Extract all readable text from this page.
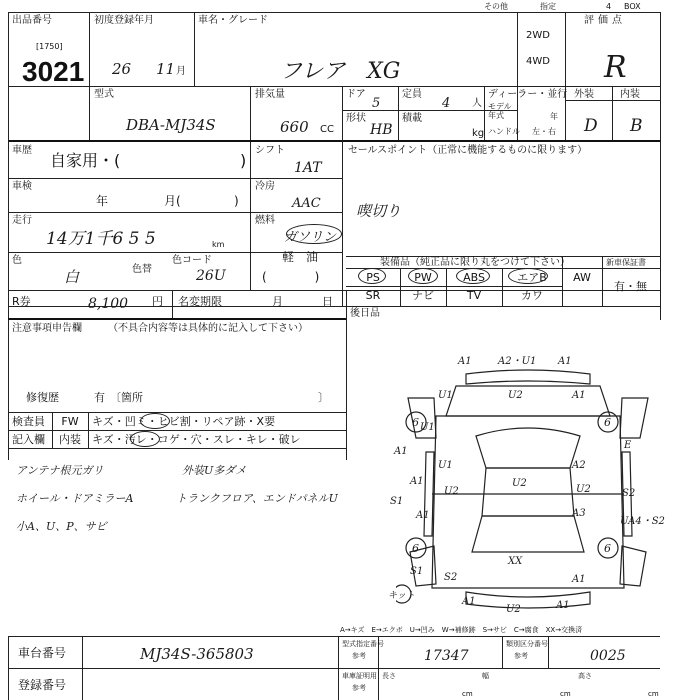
出品番号
[1750]
3021
初度登録年月
26 11 月
車名・グレード
フレア　XG
2WD
4WD
その他	指定	4 BOX
評価点
R
外装	内装
D B
型式
DBA-MJ34S
排気量
660 CC
ドア
5
定員
4 人
ディーラー・並行
モデル年式	年
形状
HB
積載
kg ハンドル 左・右
車歴
自家用・(	)
シフト
1AT
車検
年	月(	)
冷房
AAC
走行
14万1千6 5 5	km
燃料
ガソリン
軽　油
(　　　　)
色
白	色替
色コード
26U
R券	8,100 円 名変期限	月	日
セールスポイント（正常に機能するものに限ります）
喫切り
装備品（純正品に限り丸をつけて下さい）	新車保証書
有・無
PS	PW	ABS	エアB	AW
SR	ナビ	TV	カワ
後日品
注意事項申告欄	（不具合内容等は具体的に記入して下さい）
修復歴	有 〔箇所	〕
検査員
記入欄
FW
内装
キズ・凹ミ・ヒビ割・リペア跡・X要
キズ・汚レ・コゲ・穴・スレ・キレ・破レ
アンテナ根元ガリ
ホイール・ドアミラーA
小A、U、P、サビ
外装U多ダメ
トランクフロア、エンドパネルU
A1	A2・U1 A1
U1	U2	A1
U1
A1
U1
U2
E
A2
A1
U2	U2
S1
S2
A1	A3
UA4・S2
S1
XX
S2	A1
A1
U2	A1
6	6
6	6
キット
A→キズ　E→エクボ　U→凹み　W→補修跡　S→サビ　C→腐食　XX→交換済
車台番号	MJ34S-365803
登録番号
型式指定番号
参考	17347
類別区分番号
参考	0025
車庫証明用
参考
長さ
cm
幅
cm
高さ
cm
